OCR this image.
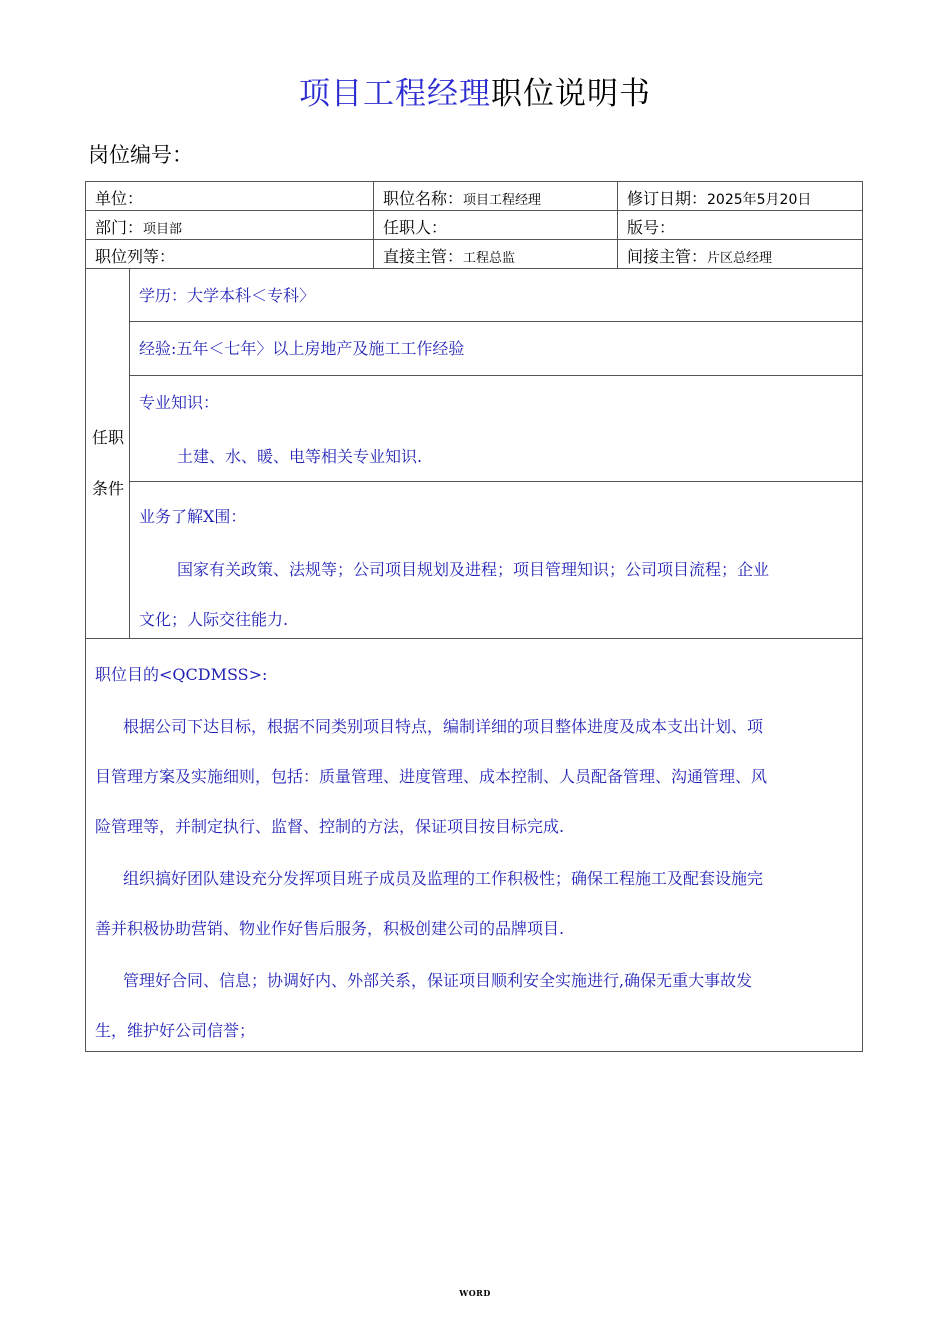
项目工程经理职位说明书
岗位编号：
单位：	职位名称：项目工程经理	修订日期：2025年5月20日
部门：项目部	任职人：	版号：
职位列等：	直接主管：工程总监	间接主管：片区总经理
任职
条件
学历：大学本科＜专科〉
经验:五年＜七年〉以上房地产及施工工作经验
专业知识：
土建、水、暖、电等相关专业知识.
业务了解X围：
国家有关政策、法规等；公司项目规划及进程；项目管理知识；公司项目流程；企业
文化；人际交往能力.
职位目的<QCDMSS>:
根据公司下达目标，根据不同类别项目特点，编制详细的项目整体进度及成本支出计划、项
目管理方案及实施细则，包括：质量管理、进度管理、成本控制、人员配备管理、沟通管理、风
险管理等，并制定执行、监督、控制的方法，保证项目按目标完成.
组织搞好团队建设充分发挥项目班子成员及监理的工作积极性；确保工程施工及配套设施完
善并积极协助营销、物业作好售后服务，积极创建公司的品牌项目.
管理好合同、信息；协调好内、外部关系，保证项目顺利安全实施进行,确保无重大事故发
生，维护好公司信誉；
WORD
